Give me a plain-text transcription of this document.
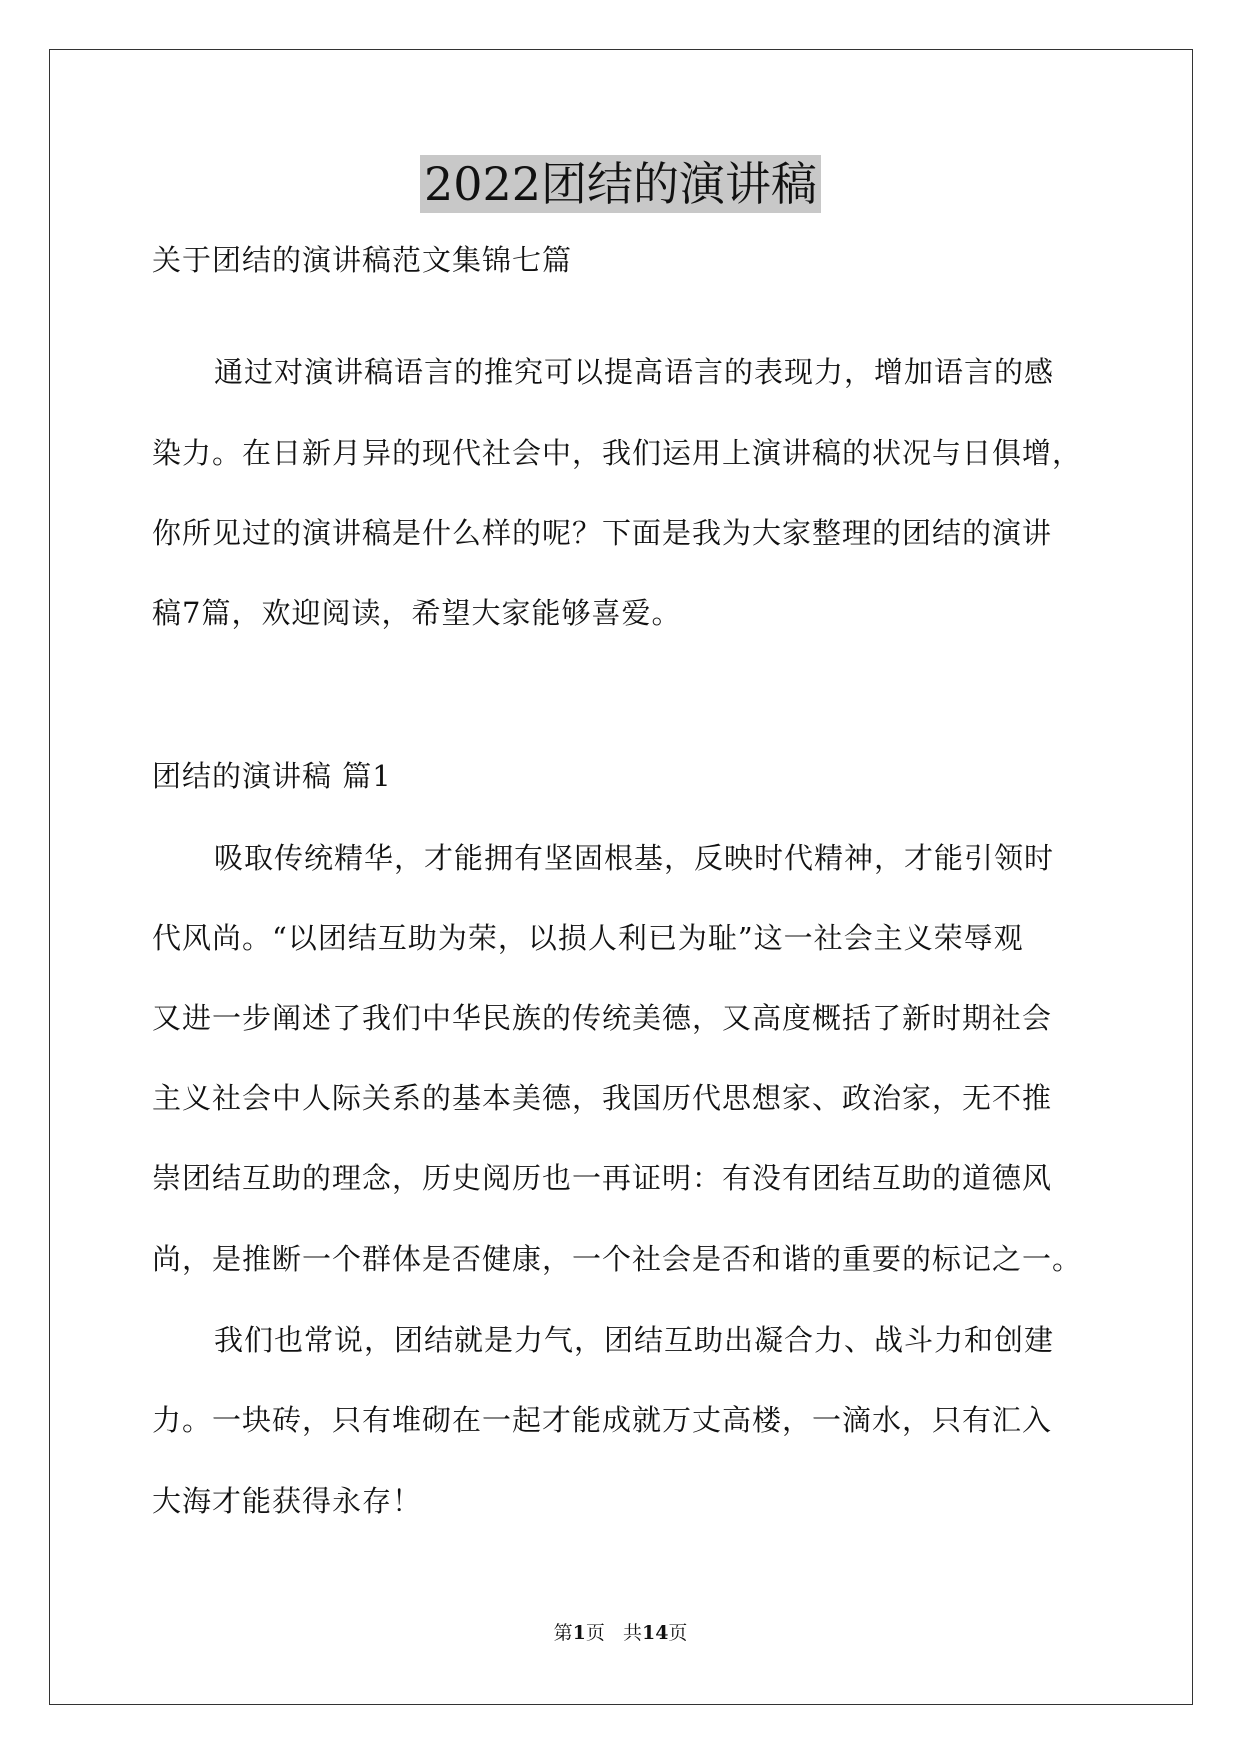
2022团结的演讲稿
关于团结的演讲稿范文集锦七篇
通过对演讲稿语言的推究可以提高语言的表现力，增加语言的感
染力。在日新月异的现代社会中，我们运用上演讲稿的状况与日俱增，
你所见过的演讲稿是什么样的呢？下面是我为大家整理的团结的演讲
稿7篇，欢迎阅读，希望大家能够喜爱。
团结的演讲稿 篇1
吸取传统精华，才能拥有坚固根基，反映时代精神，才能引领时
代风尚。“以团结互助为荣，以损人利已为耻”这一社会主义荣辱观
又进一步阐述了我们中华民族的传统美德，又高度概括了新时期社会
主义社会中人际关系的基本美德，我国历代思想家、政治家，无不推
崇团结互助的理念，历史阅历也一再证明：有没有团结互助的道德风
尚，是推断一个群体是否健康，一个社会是否和谐的重要的标记之一。
我们也常说，团结就是力气，团结互助出凝合力、战斗力和创建
力。一块砖，只有堆砌在一起才能成就万丈高楼，一滴水，只有汇入
大海才能获得永存！
第1页 共14页
